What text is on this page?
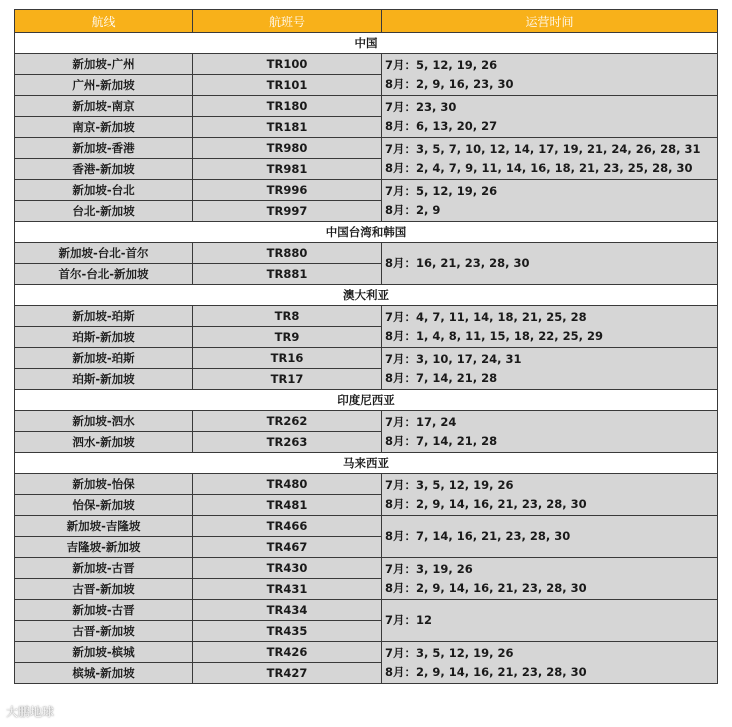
航线	航班号	运营时间
中国		
新加坡-广州	TR100	7月：5, 12, 19, 26
8月：2, 9, 16, 23, 30

广州-新加坡	TR101	
新加坡-南京	TR180	7月：23, 30
8月：6, 13, 20, 27

南京-新加坡	TR181	
新加坡-香港	TR980	7月：3, 5, 7, 10, 12, 14, 17, 19, 21, 24, 26, 28, 31
8月：2, 4, 7, 9, 11, 14, 16, 18, 21, 23, 25, 28, 30

香港-新加坡	TR981	
新加坡-台北	TR996	7月：5, 12, 19, 26
8月：2, 9

台北-新加坡	TR997	
中国台湾和韩国		
新加坡-台北-首尔	TR880	8月：16, 21, 23, 28, 30

首尔-台北-新加坡	TR881	
澳大利亚		
新加坡-珀斯	TR8	7月：4, 7, 11, 14, 18, 21, 25, 28
8月：1, 4, 8, 11, 15, 18, 22, 25, 29

珀斯-新加坡	TR9	
新加坡-珀斯	TR16	7月：3, 10, 17, 24, 31
8月：7, 14, 21, 28

珀斯-新加坡	TR17	
印度尼西亚		
新加坡-泗水	TR262	7月：17, 24
8月：7, 14, 21, 28

泗水-新加坡	TR263	
马来西亚		
新加坡-怡保	TR480	7月：3, 5, 12, 19, 26
8月：2, 9, 14, 16, 21, 23, 28, 30

怡保-新加坡	TR481	
新加坡-吉隆坡	TR466	8月：7, 14, 16, 21, 23, 28, 30

吉隆坡-新加坡	TR467	
新加坡-古晋	TR430	7月：3, 19, 26
8月：2, 9, 14, 16, 21, 23, 28, 30

古晋-新加坡	TR431	
新加坡-古晋	TR434	7月：12

古晋-新加坡	TR435	
新加坡-槟城	TR426	7月：3, 5, 12, 19, 26
8月：2, 9, 14, 16, 21, 23, 28, 30

槟城-新加坡	TR427	
大鹏地球
